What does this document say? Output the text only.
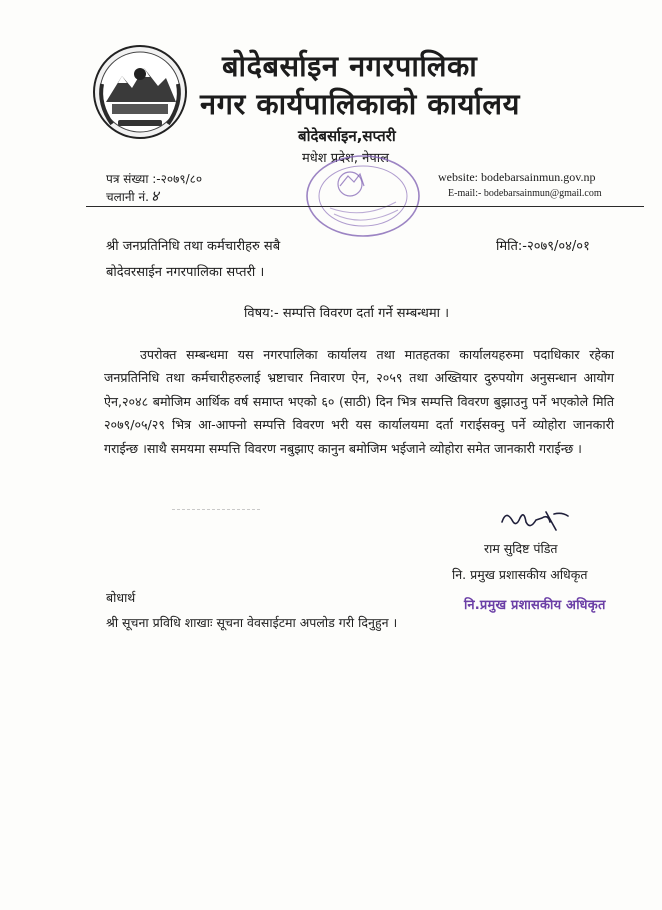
बोदेबर्साइन नगरपालिका
नगर कार्यपालिकाको कार्यालय
बोदेबर्साइन,सप्तरी
मधेश प्रदेश, नेपाल
पत्र संख्या :-२०७९/८०
चलानी नं. ४
website: bodebarsainmun.gov.np
E-mail:- bodebarsainmun@gmail.com
श्री जनप्रतिनिधि तथा कर्मचारीहरु सबै
बोदेवरसाईन नगरपालिका सप्तरी ।
मिति:-२०७९/०४/०१
विषय:- सम्पत्ति विवरण दर्ता गर्ने सम्बन्धमा ।

उपरोक्त सम्बन्धमा यस नगरपालिका कार्यालय तथा मातहतका कार्यालयहरुमा पदाधिकार रहेका जनप्रतिनिधि तथा कर्मचारीहरुलाई भ्रष्टाचार निवारण ऐन, २०५९ तथा अख्तियार दुरुपयोग अनुसन्धान आयोग ऐन,२०४८ बमोजिम आर्थिक वर्ष समाप्त भएको ६० (साठी) दिन भित्र सम्पत्ति विवरण बुझाउनु पर्ने भएकोले मिति २०७९/०५/२९ भित्र आ-आफ्नो सम्पत्ति विवरण भरी यस कार्यालयमा दर्ता गराईसक्नु पर्ने व्योहोरा जानकारी गराईन्छ ।साथै समयमा सम्पत्ति विवरण नबुझाए कानुन बमोजिम भईजाने व्योहोरा समेत जानकारी गराईन्छ ।

राम सुदिष्ट पंडित
नि. प्रमुख प्रशासकीय अधिकृत
बोधार्थ
श्री सूचना प्रविधि शाखाः सूचना वेवसाईटमा अपलोड गरी दिनुहुन ।
नि.प्रमुख प्रशासकीय अधिकृत
